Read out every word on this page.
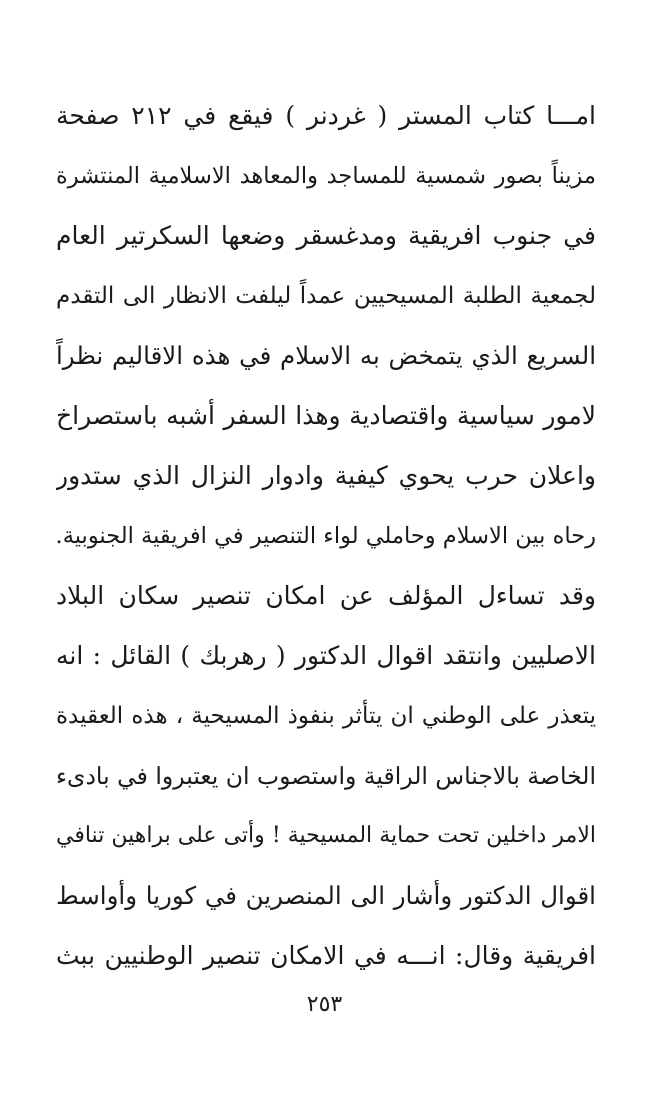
امـــا كتاب المستر ( غردنر ) فيقع في ٢١٢ صفحة
مزيناً بصور شمسية للمساجد والمعاهد الاسلامية المنتشرة
في جنوب افريقية ومدغسقر وضعها السكرتير العام
لجمعية الطلبة المسيحيين عمداً ليلفت الانظار الى التقدم
السريع الذي يتمخض به الاسلام في هذه الاقاليم نظراً
لامور سياسية واقتصادية وهذا السفر أشبه باستصراخ
واعلان حرب يحوي كيفية وادوار النزال الذي ستدور
رحاه بين الاسلام وحاملي لواء التنصير في افريقية الجنوبية.
وقد تساءل المؤلف عن امكان تنصير سكان البلاد
الاصليين وانتقد اقوال الدكتور ( رهربك ) القائل : انه
يتعذر على الوطني ان يتأثر بنفوذ المسيحية ، هذه العقيدة
الخاصة بالاجناس الراقية واستصوب ان يعتبروا في بادىء
الامر داخلين تحت حماية المسيحية ! وأتى على براهين تنافي
اقوال الدكتور وأشار الى المنصرين في كوريا وأواسط
افريقية وقال: انـــه في الامكان تنصير الوطنيين ببث
٢٥٣
